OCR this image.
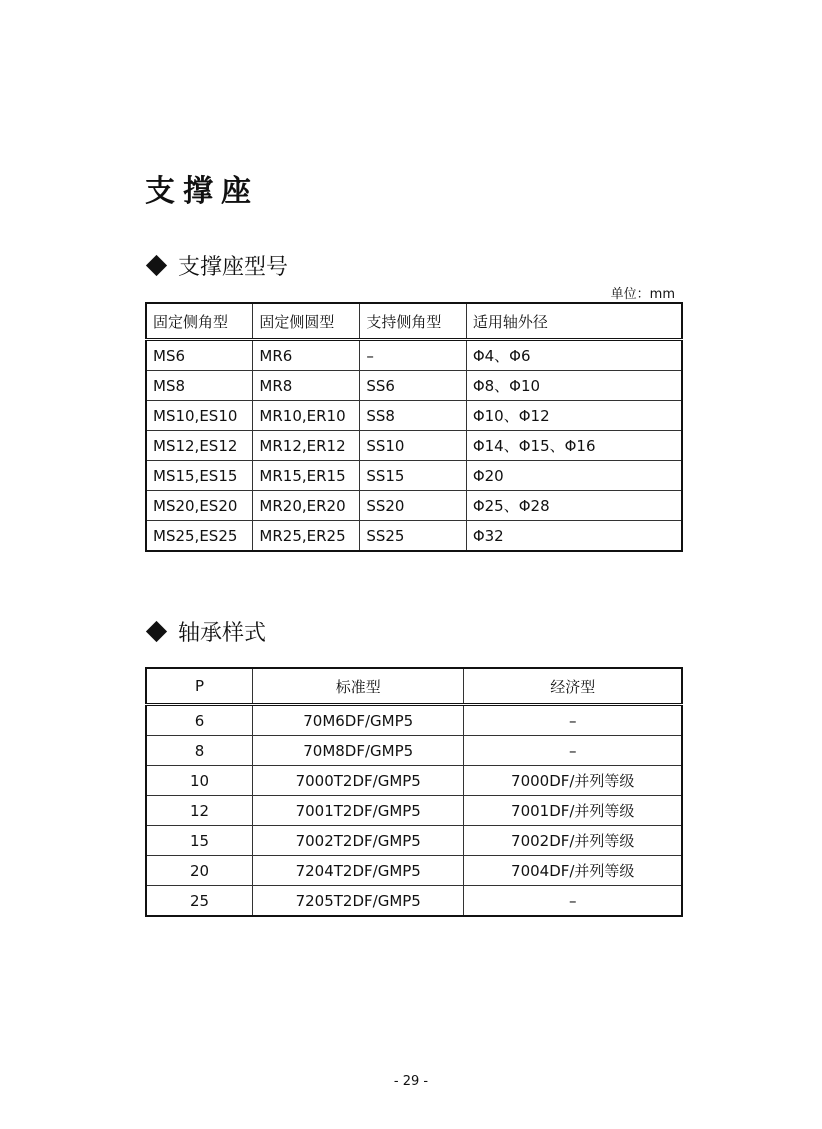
支撑座
支撑座型号
单位：mm
固定侧角型	固定侧圆型	支持侧角型	适用轴外径
MS6	MR6	–	Φ4、Φ6
MS8	MR8	SS6	Φ8、Φ10
MS10,ES10	MR10,ER10	SS8	Φ10、Φ12
MS12,ES12	MR12,ER12	SS10	Φ14、Φ15、Φ16
MS15,ES15	MR15,ER15	SS15	Φ20
MS20,ES20	MR20,ER20	SS20	Φ25、Φ28
MS25,ES25	MR25,ER25	SS25	Φ32
轴承样式
P	标准型	经济型
6	70M6DF/GMP5	–
8	70M8DF/GMP5	–
10	7000T2DF/GMP5	7000DF/并列等级
12	7001T2DF/GMP5	7001DF/并列等级
15	7002T2DF/GMP5	7002DF/并列等级
20	7204T2DF/GMP5	7004DF/并列等级
25	7205T2DF/GMP5	–
- 29 -
